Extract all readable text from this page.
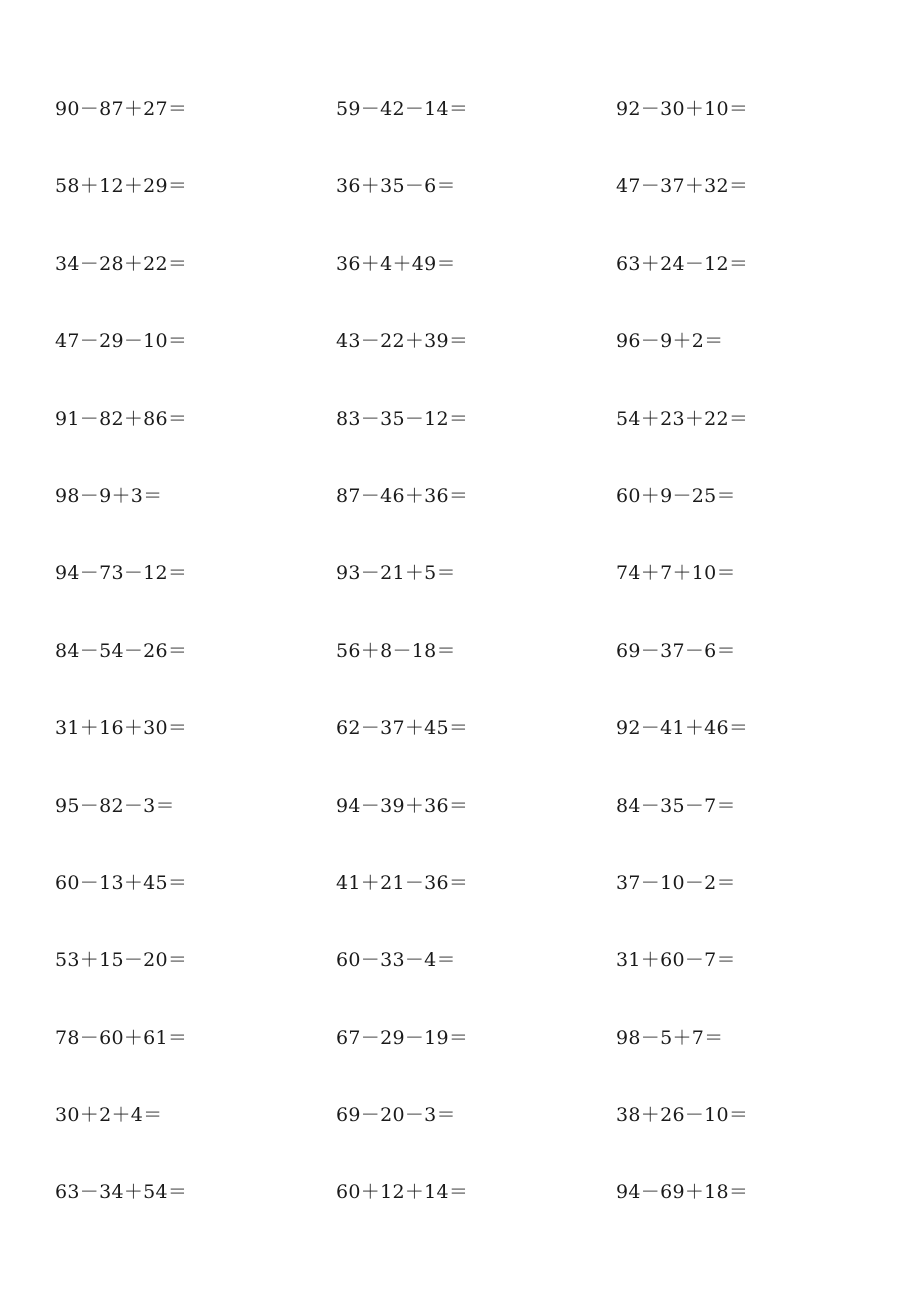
90－87＋27＝	59－42－14＝	92－30＋10＝
58＋12＋29＝	36＋35－6＝	47－37＋32＝
34－28＋22＝	36＋4＋49＝	63＋24－12＝
47－29－10＝	43－22＋39＝	96－9＋2＝
91－82＋86＝	83－35－12＝	54＋23＋22＝
98－9＋3＝	87－46＋36＝	60＋9－25＝
94－73－12＝	93－21＋5＝	74＋7＋10＝
84－54－26＝	56＋8－18＝	69－37－6＝
31＋16＋30＝	62－37＋45＝	92－41＋46＝
95－82－3＝	94－39＋36＝	84－35－7＝
60－13＋45＝	41＋21－36＝	37－10－2＝
53＋15－20＝	60－33－4＝	31＋60－7＝
78－60＋61＝	67－29－19＝	98－5＋7＝
30＋2＋4＝	69－20－3＝	38＋26－10＝
63－34＋54＝	60＋12＋14＝	94－69＋18＝
